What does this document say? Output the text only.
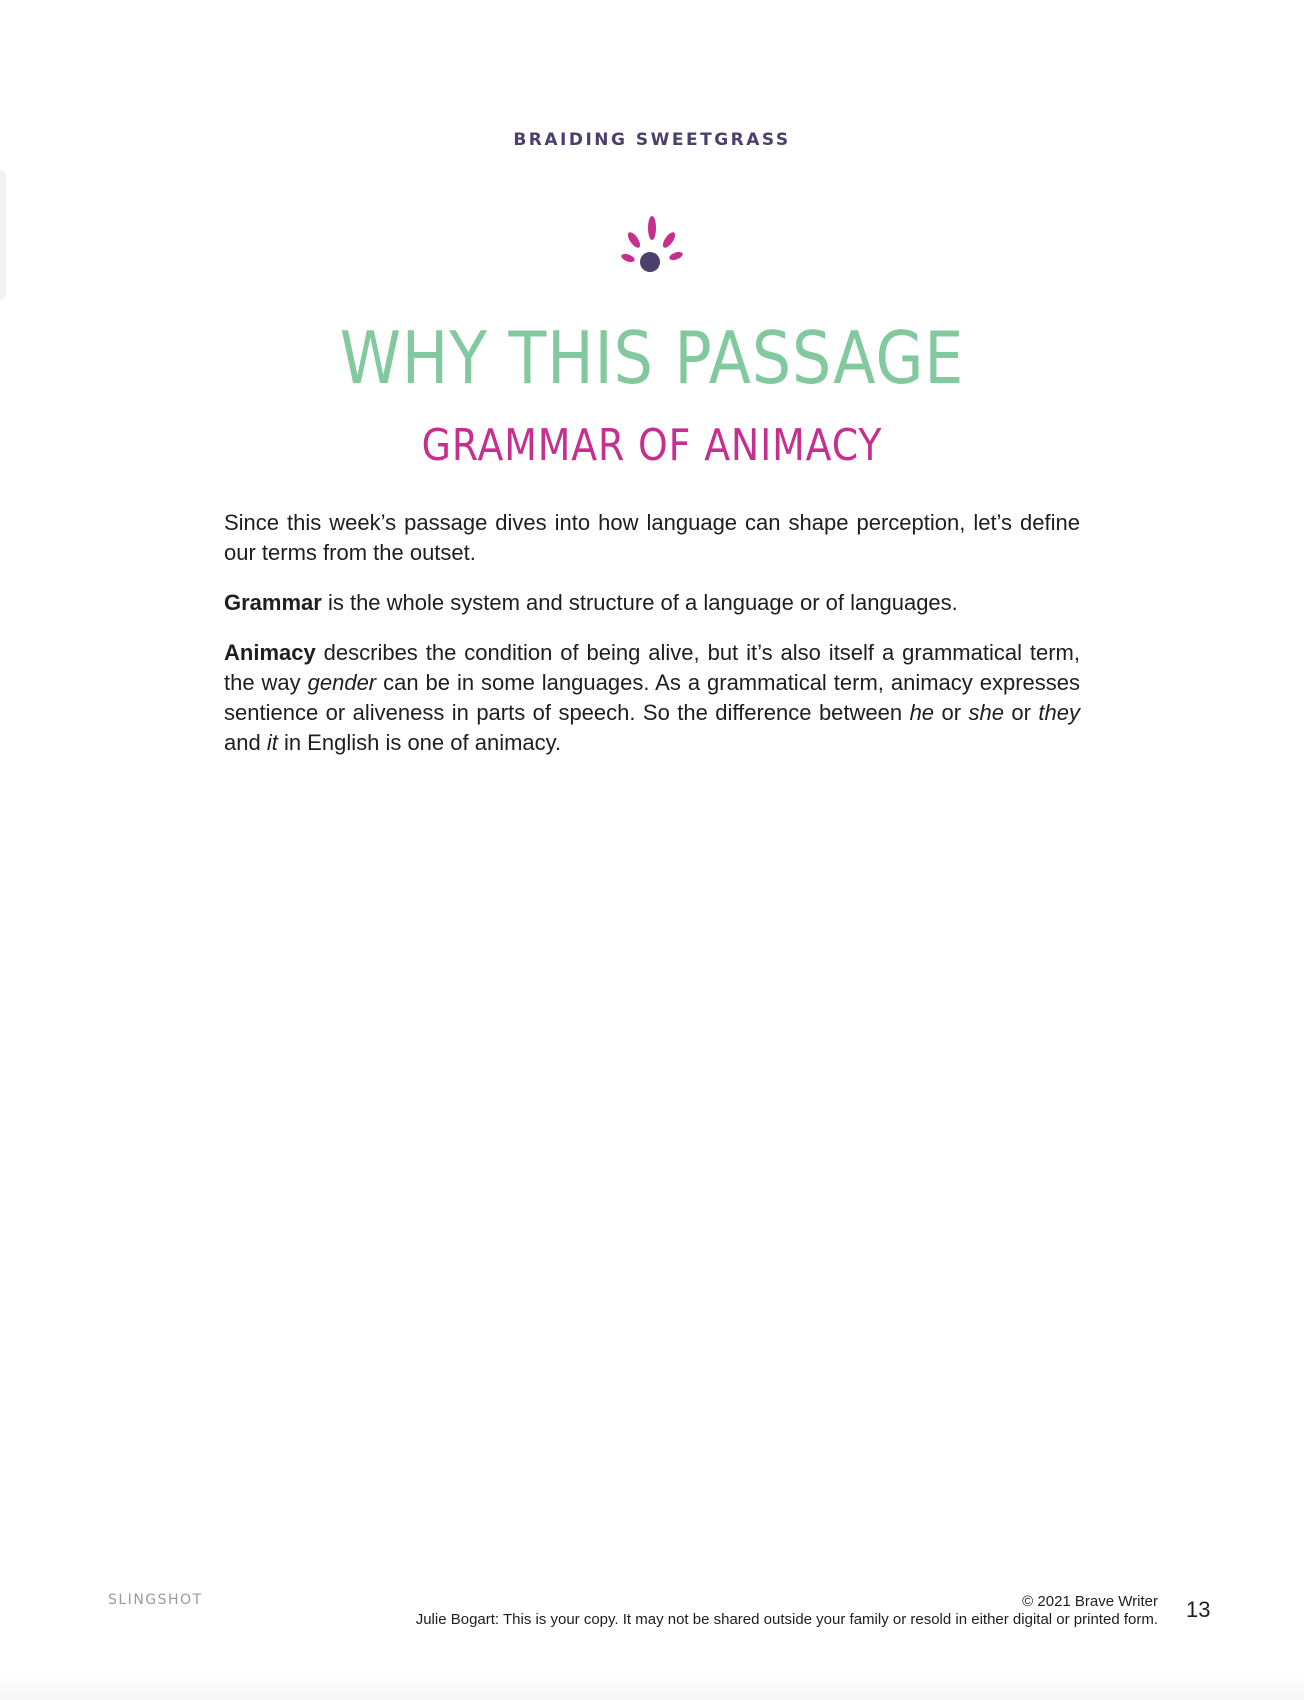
BRAIDING SWEETGRASS
WHY THIS PASSAGE
GRAMMAR OF ANIMACY

Since this week’s passage dives into how language can shape perception, let’s define our terms from the outset.

Grammar is the whole system and structure of a language or of languages.

Animacy describes the condition of being alive, but it’s also itself a grammatical term, the way gender can be in some languages. As a grammatical term, animacy expresses sentience or aliveness in parts of speech. So the difference between he or she or they and it in English is one of animacy.

SLINGSHOT	© 2021 Brave Writer
Julie Bogart: This is your copy. It may not be shared outside your family or resold in either digital or printed form. 13
